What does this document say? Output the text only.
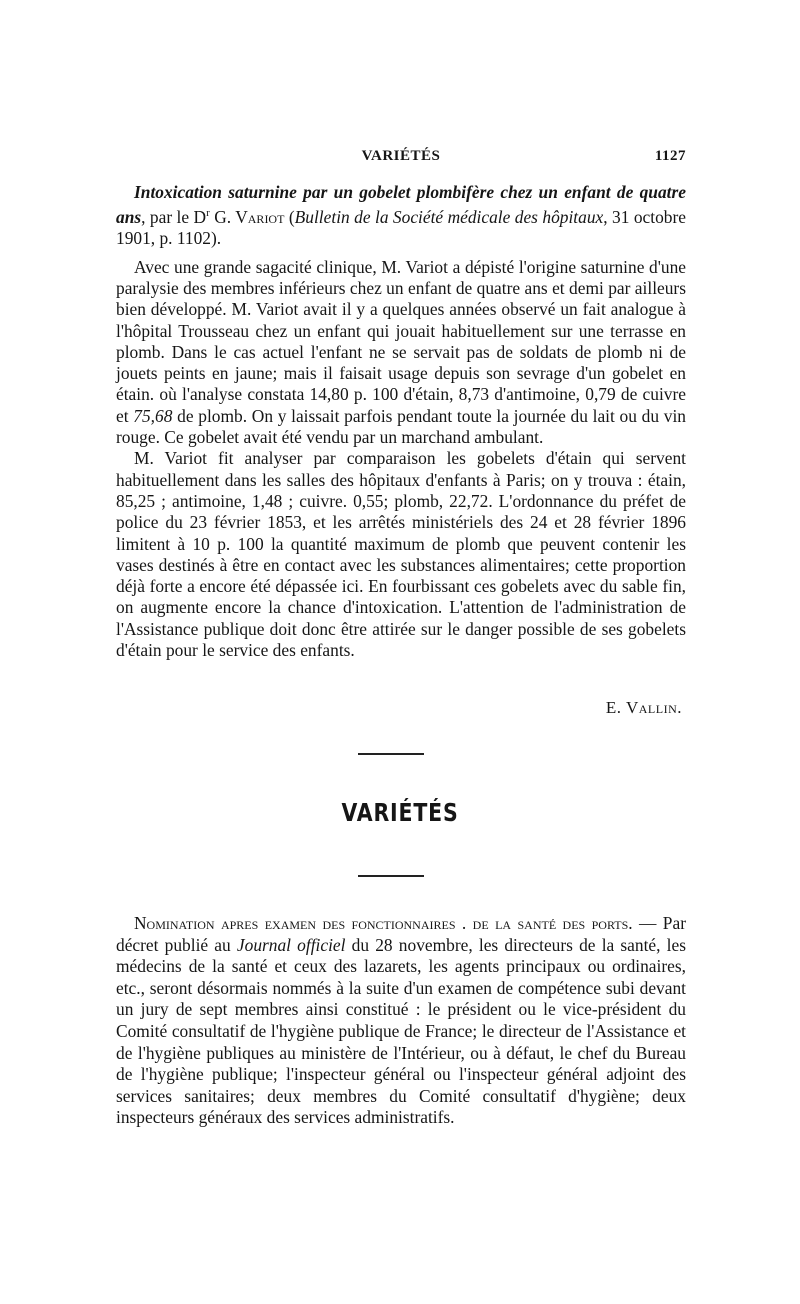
VARIÉTÉS	1127

Intoxication saturnine par un gobelet plombifère chez un enfant de quatre ans, par le $D^r$ G. Variot (Bulletin de la Société médicale des hôpitaux, 31 octobre 1901, p. 1102).

Avec une grande sagacité clinique, M. Variot a dépisté l'origine saturnine d'une paralysie des membres inférieurs chez un enfant de quatre ans et demi par ailleurs bien développé. M. Variot avait il y a quelques années observé un fait analogue à l'hôpital Trousseau chez un enfant qui jouait habituellement sur une terrasse en plomb. Dans le cas actuel l'enfant ne se servait pas de soldats de plomb ni de jouets peints en jaune; mais il faisait usage depuis son sevrage d'un gobelet en étain. où l'analyse constata 14,80 p. 100 d'étain, 8,73 d'antimoine, 0,79 de cuivre et 75,68 de plomb. On y laissait parfois pendant toute la journée du lait ou du vin rouge. Ce gobelet avait été vendu par un marchand ambulant.

M. Variot fit analyser par comparaison les gobelets d'étain qui servent habituellement dans les salles des hôpitaux d'enfants à Paris; on y trouva : étain, 85,25 ; antimoine, 1,48 ; cuivre. 0,55; plomb, 22,72. L'ordonnance du préfet de police du 23 février 1853, et les arrêtés ministériels des 24 et 28 février 1896 limitent à 10 p. 100 la quantité maximum de plomb que peuvent contenir les vases destinés à être en contact avec les substances alimentaires; cette proportion déjà forte a encore été dépassée ici. En fourbissant ces gobelets avec du sable fin, on augmente encore la chance d'intoxication. L'attention de l'administration de l'Assistance publique doit donc être attirée sur le danger possible de ses gobelets d'étain pour le service des enfants.

E. Vallin.
VARIÉTÉS

Nomination apres examen des fonctionnaires . de la santé des ports. — Par décret publié au Journal officiel du 28 novembre, les directeurs de la santé, les médecins de la santé et ceux des lazarets, les agents principaux ou ordinaires, etc., seront désormais nommés à la suite d'un examen de compétence subi devant un jury de sept membres ainsi constitué : le président ou le vice-président du Comité consultatif de l'hygiène publique de France; le directeur de l'Assistance et de l'hygiène publiques au ministère de l'Intérieur, ou à défaut, le chef du Bureau de l'hygiène publique; l'inspecteur général ou l'inspecteur général adjoint des services sanitaires; deux membres du Comité consultatif d'hygiène; deux inspecteurs généraux des services administratifs.
